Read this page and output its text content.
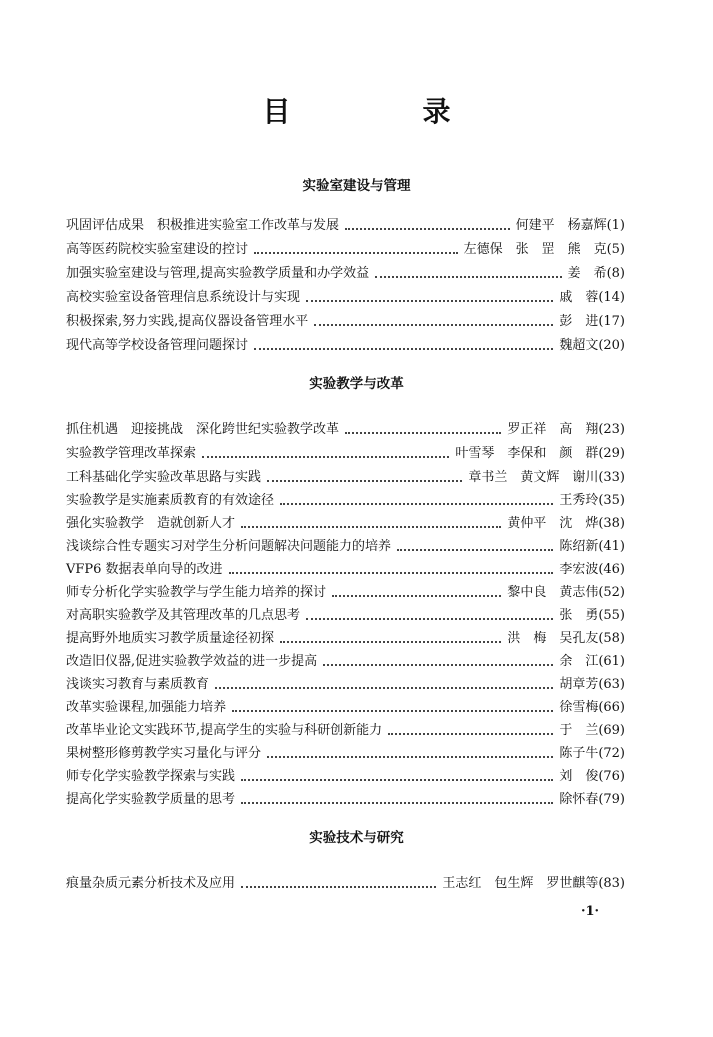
目　录
实验室建设与管理
巩固评估成果　积极推进实验室工作改革与发展	何建平　杨嘉辉(1)
高等医药院校实验室建设的控讨	左德保　张　罡　熊　克(5)
加强实验室建设与管理,提高实验教学质量和办学效益	姜　希(8)
高校实验室设备管理信息系统设计与实现	戚　蓉(14)
积极探索,努力实践,提高仪器设备管理水平	彭　进(17)
现代高等学校设备管理问题探讨	魏超文(20)
实验教学与改革
抓住机遇　迎接挑战　深化跨世纪实验教学改革	罗正祥　高　翔(23)
实验教学管理改革探索	叶雪琴　李保和　颜　群(29)
工科基础化学实验改革思路与实践	章书兰　黄文辉　谢川(33)
实验教学是实施素质教育的有效途径	王秀玲(35)
强化实验教学　造就创新人才	黄仲平　沈　烨(38)
浅谈综合性专题实习对学生分析问题解决问题能力的培养	陈绍新(41)
VFP6 数据表单向导的改进	李宏波(46)
师专分析化学实验教学与学生能力培养的探讨	黎中良　黄志伟(52)
对高职实验教学及其管理改革的几点思考	张　勇(55)
提高野外地质实习教学质量途径初探	洪　梅　吴孔友(58)
改造旧仪器,促进实验教学效益的进一步提高	余　江(61)
浅谈实习教育与素质教育	胡章芳(63)
改革实验课程,加强能力培养	徐雪梅(66)
改革毕业论文实践环节,提高学生的实验与科研创新能力	于　兰(69)
果树整形修剪教学实习量化与评分	陈子牛(72)
师专化学实验教学探索与实践	刘　俊(76)
提高化学实验教学质量的思考	除怀春(79)
实验技术与研究
痕量杂质元素分析技术及应用	王志红　包生辉　罗世麒等(83)
·1·
